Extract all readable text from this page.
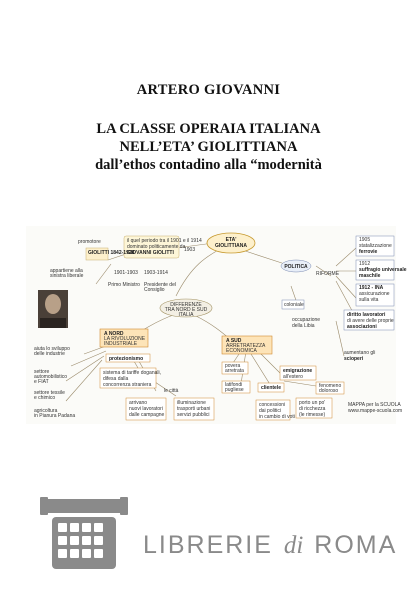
ARTERO GIOVANNI
LA CLASSE OPERAIA ITALIANA
NELL’ETA’ GIOLITTIANA
dall’ethos contadino alla “modernità
ETA'
GIOLITTIANA
il quel periodo tra il 1901 e il 1914
dominato politicamente da
GIOVANNI GIOLITTI
GIOLITTI 1842-1928
promotore
appartiene alla
sinistra liberale	1901-1903 1903-1914
1903
Primo Ministro Presidente del
Consiglio
POLITICA
RIFORME
1905
statalizzazione
ferrovie
1912
suffragio universale
maschile
1912 - INA
assicurazione
sulla vita
diritto lavoratori
di avere delle proprie
associazioni
coloniale
occupazione
della Libia
aumentano gli
scioperi
DIFFERENZE
TRA NORD E SUD
ITALIA
A NORD
LA RIVOLUZIONE
INDUSTRIALE
protezionismo
aiuta lo sviluppo
delle industrie
settore
automobilistico
e FIAT
settore tessile
e chimico
agricoltura
in Pianura Padana
sistema di tariffe doganali,
difesa dalla
concorrenza straniera
le città
arrivano
nuovi lavoratori
dalle campagne
illuminazione
trasporti urbani
servizi pubblici
A SUD
ARRETRATEZZA
ECONOMICA
povera
arretrata
latifondi
pugliese	clientele
emigrazione
all'estero
concessioni
dai politici
in cambio di voti
fenomeno
doloroso
porto un po'
di ricchezza
(le rimesse)
MAPPA per la SCUOLA
www.mappe-scuola.com
LIBRERIE di ROMA
